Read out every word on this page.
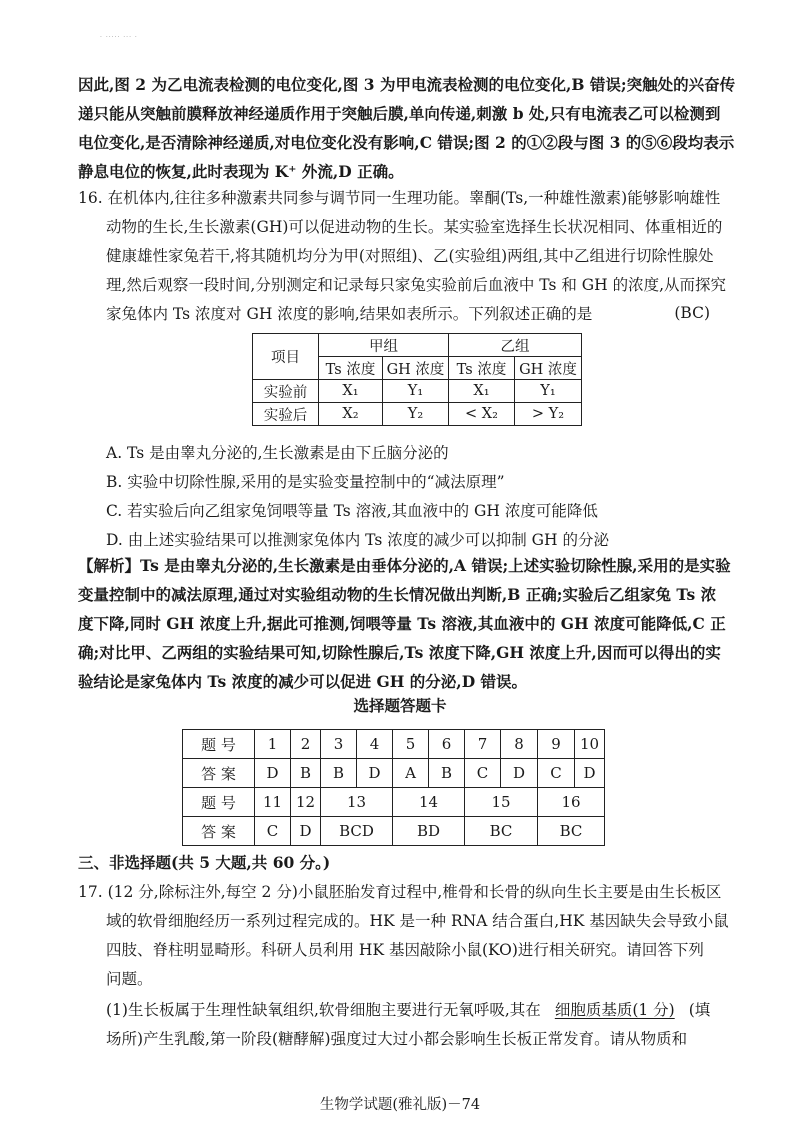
· ····· ··· ·
因此,图 2 为乙电流表检测的电位变化,图 3 为甲电流表检测的电位变化,B 错误;突触处的兴奋传
递只能从突触前膜释放神经递质作用于突触后膜,单向传递,刺激 b 处,只有电流表乙可以检测到
电位变化,是否清除神经递质,对电位变化没有影响,C 错误;图 2 的①②段与图 3 的⑤⑥段均表示
静息电位的恢复,此时表现为 K⁺ 外流,D 正确。
16. 在机体内,往往多种激素共同参与调节同一生理功能。睾酮(Ts,一种雄性激素)能够影响雄性
动物的生长,生长激素(GH)可以促进动物的生长。某实验室选择生长状况相同、体重相近的
健康雄性家兔若干,将其随机均分为甲(对照组)、乙(实验组)两组,其中乙组进行切除性腺处
理,然后观察一段时间,分别测定和记录每只家兔实验前后血液中 Ts 和 GH 的浓度,从而探究
家兔体内 Ts 浓度对 GH 浓度的影响,结果如表所示。下列叙述正确的是	(BC)
项目	甲组		乙组	
	Ts 浓度	GH 浓度	Ts 浓度	GH 浓度
实验前	X₁	Y₁	X₁	Y₁
实验后	X₂	Y₂	< X₂	> Y₂
A. Ts 是由睾丸分泌的,生长激素是由下丘脑分泌的
B. 实验中切除性腺,采用的是实验变量控制中的“减法原理”
C. 若实验后向乙组家兔饲喂等量 Ts 溶液,其血液中的 GH 浓度可能降低
D. 由上述实验结果可以推测家兔体内 Ts 浓度的减少可以抑制 GH 的分泌
【解析】Ts 是由睾丸分泌的,生长激素是由垂体分泌的,A 错误;上述实验切除性腺,采用的是实验
变量控制中的减法原理,通过对实验组动物的生长情况做出判断,B 正确;实验后乙组家兔 Ts 浓
度下降,同时 GH 浓度上升,据此可推测,饲喂等量 Ts 溶液,其血液中的 GH 浓度可能降低,C 正
确;对比甲、乙两组的实验结果可知,切除性腺后,Ts 浓度下降,GH 浓度上升,因而可以得出的实
验结论是家兔体内 Ts 浓度的减少可以促进 GH 的分泌,D 错误。
选择题答题卡
题 号	1	2	3	4	5	6	7	8	9	10
答 案	D	B	B	D	A	B	C	D	C	D
题 号	11	12	13		14		15		16	
答 案	C	D	BCD		BD		BC		BC	
三、非选择题(共 5 大题,共 60 分。)
17. (12 分,除标注外,每空 2 分)小鼠胚胎发育过程中,椎骨和长骨的纵向生长主要是由生长板区
域的软骨细胞经历一系列过程完成的。HK 是一种 RNA 结合蛋白,HK 基因缺失会导致小鼠
四肢、脊柱明显畸形。科研人员利用 HK 基因敲除小鼠(KO)进行相关研究。请回答下列
问题。
(1)生长板属于生理性缺氧组织,软骨细胞主要进行无氧呼吸,其在 细胞质基质(1 分) (填
场所)产生乳酸,第一阶段(糖酵解)强度过大过小都会影响生长板正常发育。请从物质和
生物学试题(雅礼版)－74
